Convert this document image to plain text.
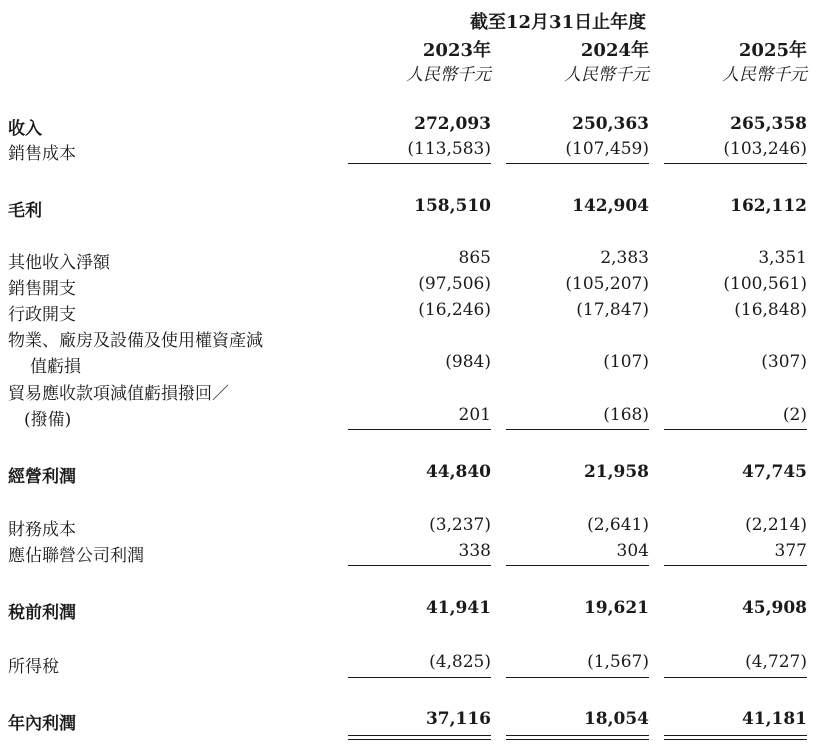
截至12月31日止年度
2023年	2024年	2025年
人民幣千元	人民幣千元	人民幣千元
收入	272,093	250,363	265,358
銷售成本	(113,583)	(107,459)	(103,246)
毛利	158,510	142,904	162,112
其他收入淨額	865	2,383	3,351
銷售開支	(97,506)	(105,207)	(100,561)
行政開支	(16,246)	(17,847)	(16,848)
物業、廠房及設備及使用權資產減
值虧損	(984)	(107)	(307)
貿易應收款項減值虧損撥回／
(撥備)	201	(168)	(2)
經營利潤	44,840	21,958	47,745
財務成本	(3,237)	(2,641)	(2,214)
應佔聯營公司利潤	338	304	377
稅前利潤	41,941	19,621	45,908
所得稅	(4,825)	(1,567)	(4,727)
年內利潤	37,116	18,054	41,181
